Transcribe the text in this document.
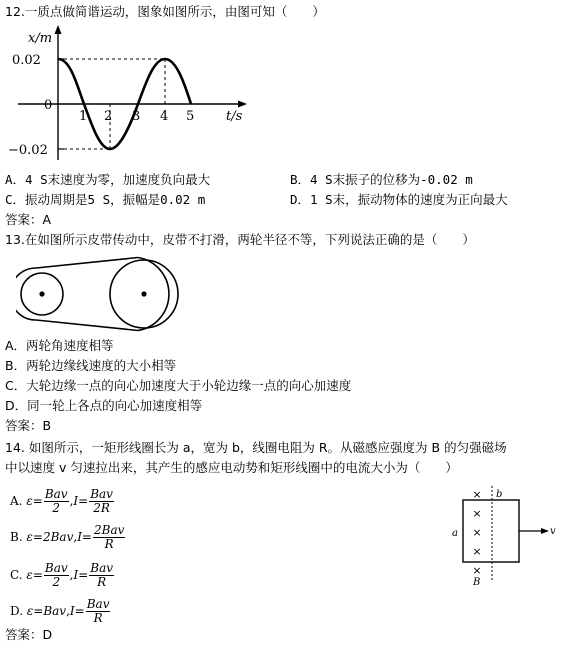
12.一质点做简谐运动，图象如图所示，由图可知（　　）
x/m
0.02
0
−0.02
1 2 3 4 5 t/s
A．4 S末速度为零，加速度负向最大	B．4 S末振子的位移为-0.02 m
C．振动周期是5 S，振幅是0.02 m	D．1 S末，振动物体的速度为正向最大
答案：A
13.在如图所示皮带传动中，皮带不打滑，两轮半径不等，下列说法正确的是（　　）
A．两轮角速度相等
B．两轮边缘线速度的大小相等
C．大轮边缘一点的向心加速度大于小轮边缘一点的向心加速度
D．同一轮上各点的向心加速度相等
答案：B
14. 如图所示，一矩形线圈长为 a，宽为 b，线圈电阻为 R。从磁感应强度为 B 的匀强磁场
中以速度 v 匀速拉出来，其产生的感应电动势和矩形线圈中的电流大小为（　　）
A. $\varepsilon= \frac{\text{Bav}}{2} ,I= \frac{\text{Bav}}{2R}$
B. $\varepsilon=2Bav,I= \frac{\text{2Bav}}{R}$
C. $\varepsilon= \frac{\text{Bav}}{2} ,I= \frac{\text{Bav}}{R}$
D. $\varepsilon=Bav,I= \frac{\text{Bav}}{R}$
×
×
×
×
×
b
a
B
v
答案：D
